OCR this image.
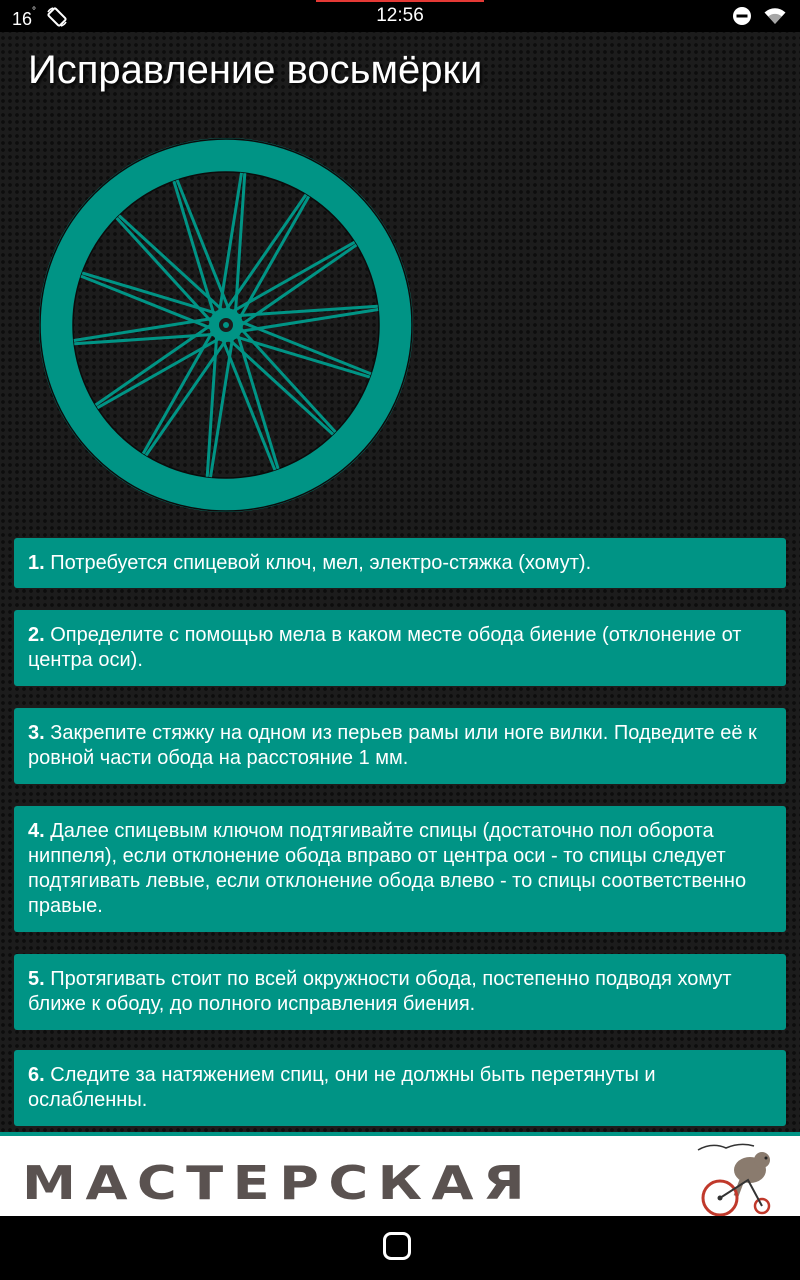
16°	12:56
Исправление восьмёрки
1. Потребуется спицевой ключ, мел, электро-стяжка (хомут).
2. Определите с помощью мела в каком месте обода биение (отклонение от центра оси).
3. Закрепите стяжку на одном из перьев рамы или ноге вилки. Подведите её к ровной части обода на расстояние 1 мм.
4. Далее спицевым ключом подтягивайте спицы (достаточно пол оборота ниппеля), если отклонение обода вправо от центра оси - то спицы следует подтягивать левые, если отклонение обода влево - то спицы соответственно правые.
5. Протягивать стоит по всей окружности обода, постепенно подводя хомут ближе к ободу, до полного исправления биения.
6. Следите за натяжением спиц, они не должны быть перетянуты и ослабленны.
МАСТЕРСКАЯ
